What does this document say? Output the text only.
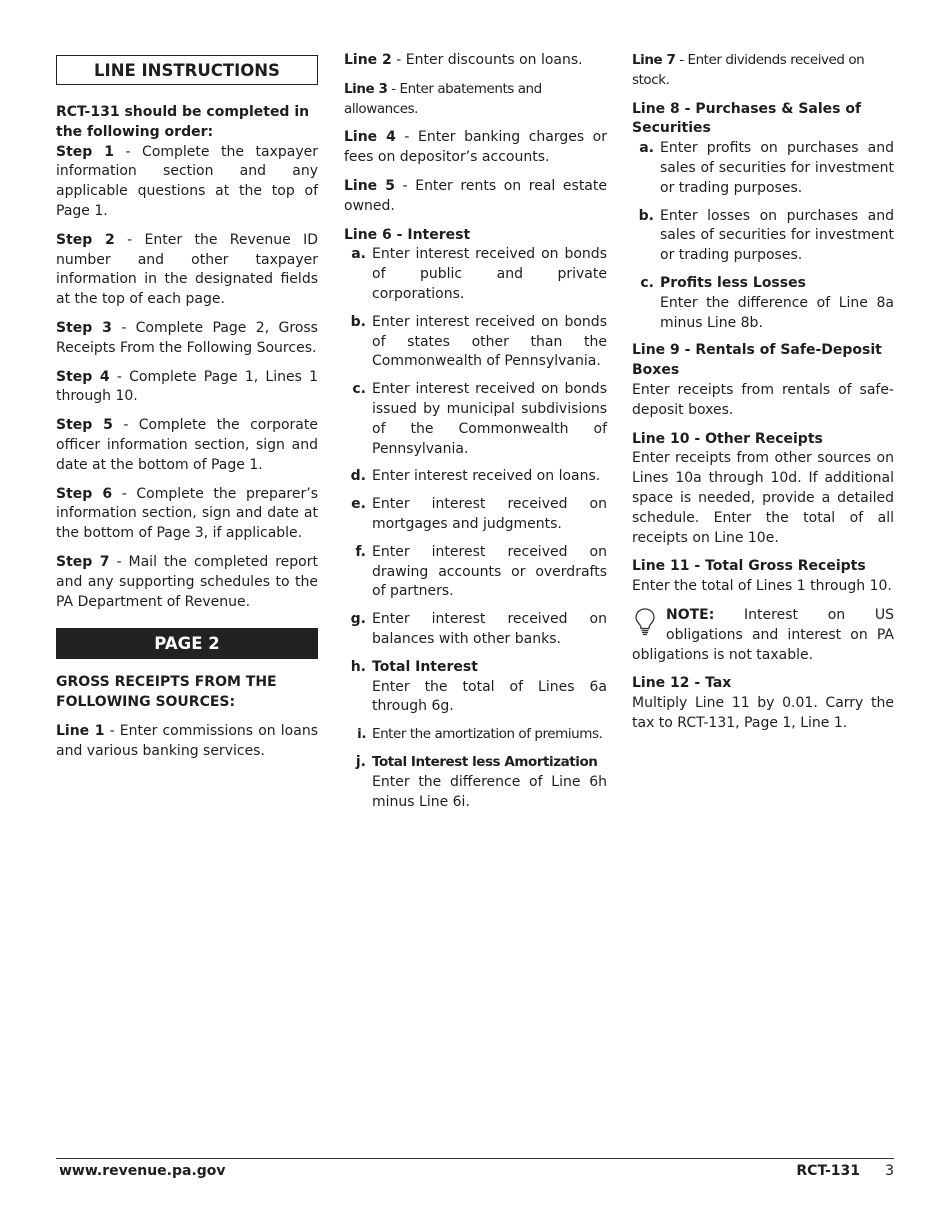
LINE INSTRUCTIONS

RCT-131 should be completed in the following order:

Step 1 - Complete the taxpayer information section and any applicable questions at the top of Page 1.

Step 2 - Enter the Revenue ID number and other taxpayer information in the designated fields at the top of each page.

Step 3 - Complete Page 2, Gross Receipts From the Following Sources.

Step 4 - Complete Page 1, Lines 1 through 10.

Step 5 - Complete the corporate officer information section, sign and date at the bottom of Page 1.

Step 6 - Complete the preparer’s information section, sign and date at the bottom of Page 3, if applicable.

Step 7 - Mail the completed report and any supporting schedules to the PA Department of Revenue.

PAGE 2

GROSS RECEIPTS FROM THE FOLLOWING SOURCES:

Line 1 - Enter commissions on loans and various banking services.

Line 2 - Enter discounts on loans.

Line 3 - Enter abatements and allowances.

Line 4 - Enter banking charges or fees on depositor’s accounts.

Line 5 - Enter rents on real estate owned.

Line 6 - Interest

a. Enter interest received on bonds of public and private corporations.
b. Enter interest received on bonds of states other than the Commonwealth of Pennsylvania.
c. Enter interest received on bonds issued by municipal subdivisions of the Commonwealth of Pennsylvania.
d. Enter interest received on loans.
e. Enter interest received on mortgages and judgments.
f. Enter interest received on drawing accounts or overdrafts of partners.
g. Enter interest received on balances with other banks.
h. Total Interest
Enter the total of Lines 6a through 6g.
i. Enter the amortization of premiums.
j. Total Interest less Amortization
Enter the difference of Line 6h minus Line 6i.

Line 7 - Enter dividends received on stock.

Line 8 - Purchases & Sales of Securities

a. Enter profits on purchases and sales of securities for investment or trading purposes.
b. Enter losses on purchases and sales of securities for investment or trading purposes.
c. Profits less Losses
Enter the difference of Line 8a minus Line 8b.

Line 9 - Rentals of Safe-Deposit Boxes

Enter receipts from rentals of safe-deposit boxes.

Line 10 - Other Receipts

Enter receipts from other sources on Lines 10a through 10d. If additional space is needed, provide a detailed schedule. Enter the total of all receipts on Line 10e.

Line 11 - Total Gross Receipts

Enter the total of Lines 1 through 10.

NOTE: Interest on US obligations and interest on PA obligations is not taxable.

Line 12 - Tax

Multiply Line 11 by 0.01. Carry the tax to RCT-131, Page 1, Line 1.

www.revenue.pa.gov	RCT-131 3
